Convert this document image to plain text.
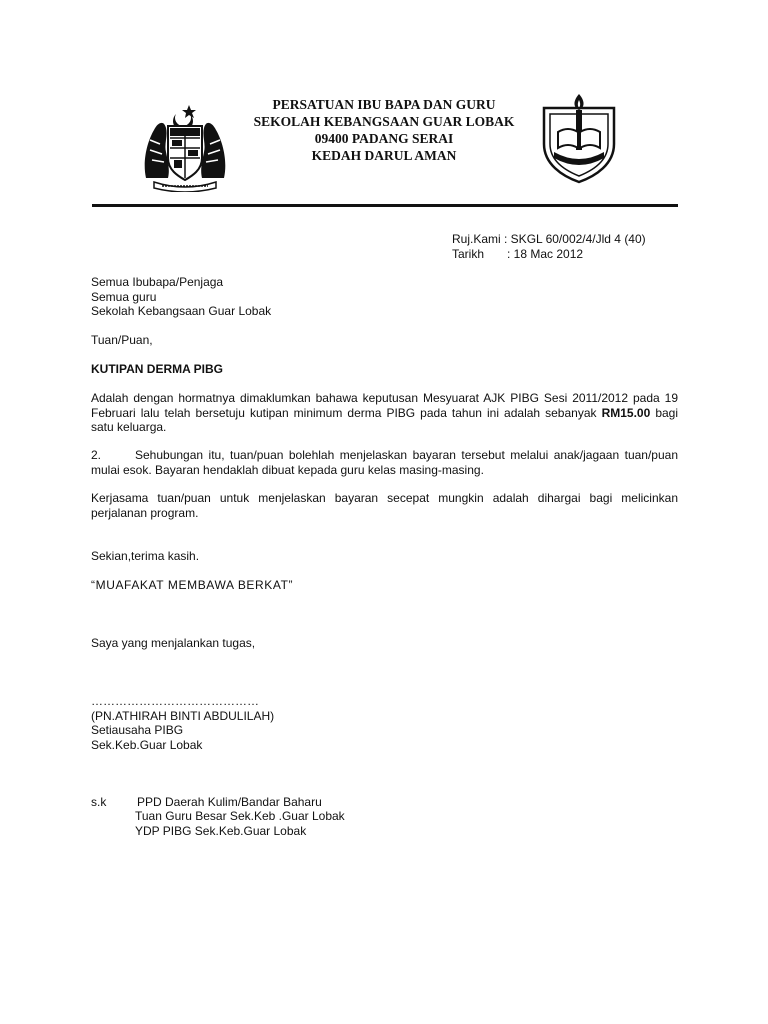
PERSATUAN IBU BAPA DAN GURU
SEKOLAH KEBANGSAAN GUAR LOBAK
09400 PADANG SERAI
KEDAH DARUL AMAN
Ruj.Kami : SKGL 60/002/4/Jld 4 (40)
Tarikh : 18 Mac 2012
Semua Ibubapa/Penjaga
Semua guru
Sekolah Kebangsaan Guar Lobak
Tuan/Puan,
KUTIPAN DERMA PIBG
Adalah dengan hormatnya dimaklumkan bahawa keputusan Mesyuarat AJK PIBG Sesi 2011/2012 pada 19 Februari lalu telah bersetuju kutipan minimum derma PIBG pada tahun ini adalah sebanyak RM15.00 bagi satu keluarga.
2.	Sehubungan itu, tuan/puan bolehlah menjelaskan bayaran tersebut melalui anak/jagaan tuan/puan mulai esok. Bayaran hendaklah dibuat kepada guru kelas masing-masing.
Kerjasama tuan/puan untuk menjelaskan bayaran secepat mungkin adalah dihargai bagi melicinkan perjalanan program.
Sekian,terima kasih.
“MUAFAKAT MEMBAWA BERKAT”
Saya yang menjalankan tugas,
……………………………………
(PN.ATHIRAH BINTI ABDULILAH)
Setiausaha PIBG
Sek.Keb.Guar Lobak
s.k	PPD Daerah Kulim/Bandar Baharu
Tuan Guru Besar Sek.Keb .Guar Lobak
YDP PIBG Sek.Keb.Guar Lobak
